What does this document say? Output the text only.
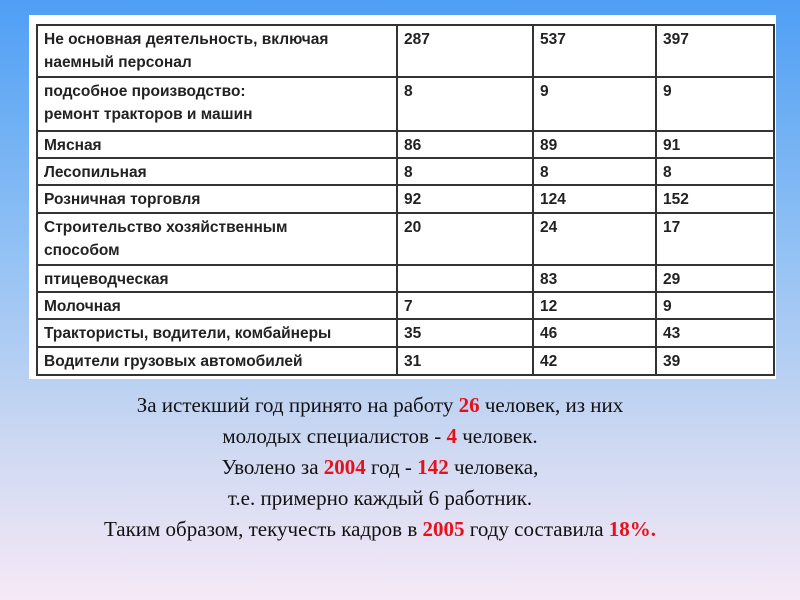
Не основная деятельность, включая
наемный персонал	287	537	397
подсобное производство:
ремонт тракторов и машин	8	9	9
Мясная	86	89	91
Лесопильная	8	8	8
Розничная торговля	92	124	152
Строительство хозяйственным
способом	20	24	17
птицеводческая		83	29
Молочная	7	12	9
Трактористы, водители, комбайнеры	35	46	43
Водители грузовых автомобилей	31	42	39
За истекший год принято на работу 26 человек, из них
молодых специалистов - 4 человек.
Уволено за 2004 год - 142 человека,
т.е. примерно каждый 6 работник.
Таким образом, текучесть кадров в 2005 году составила 18%.
